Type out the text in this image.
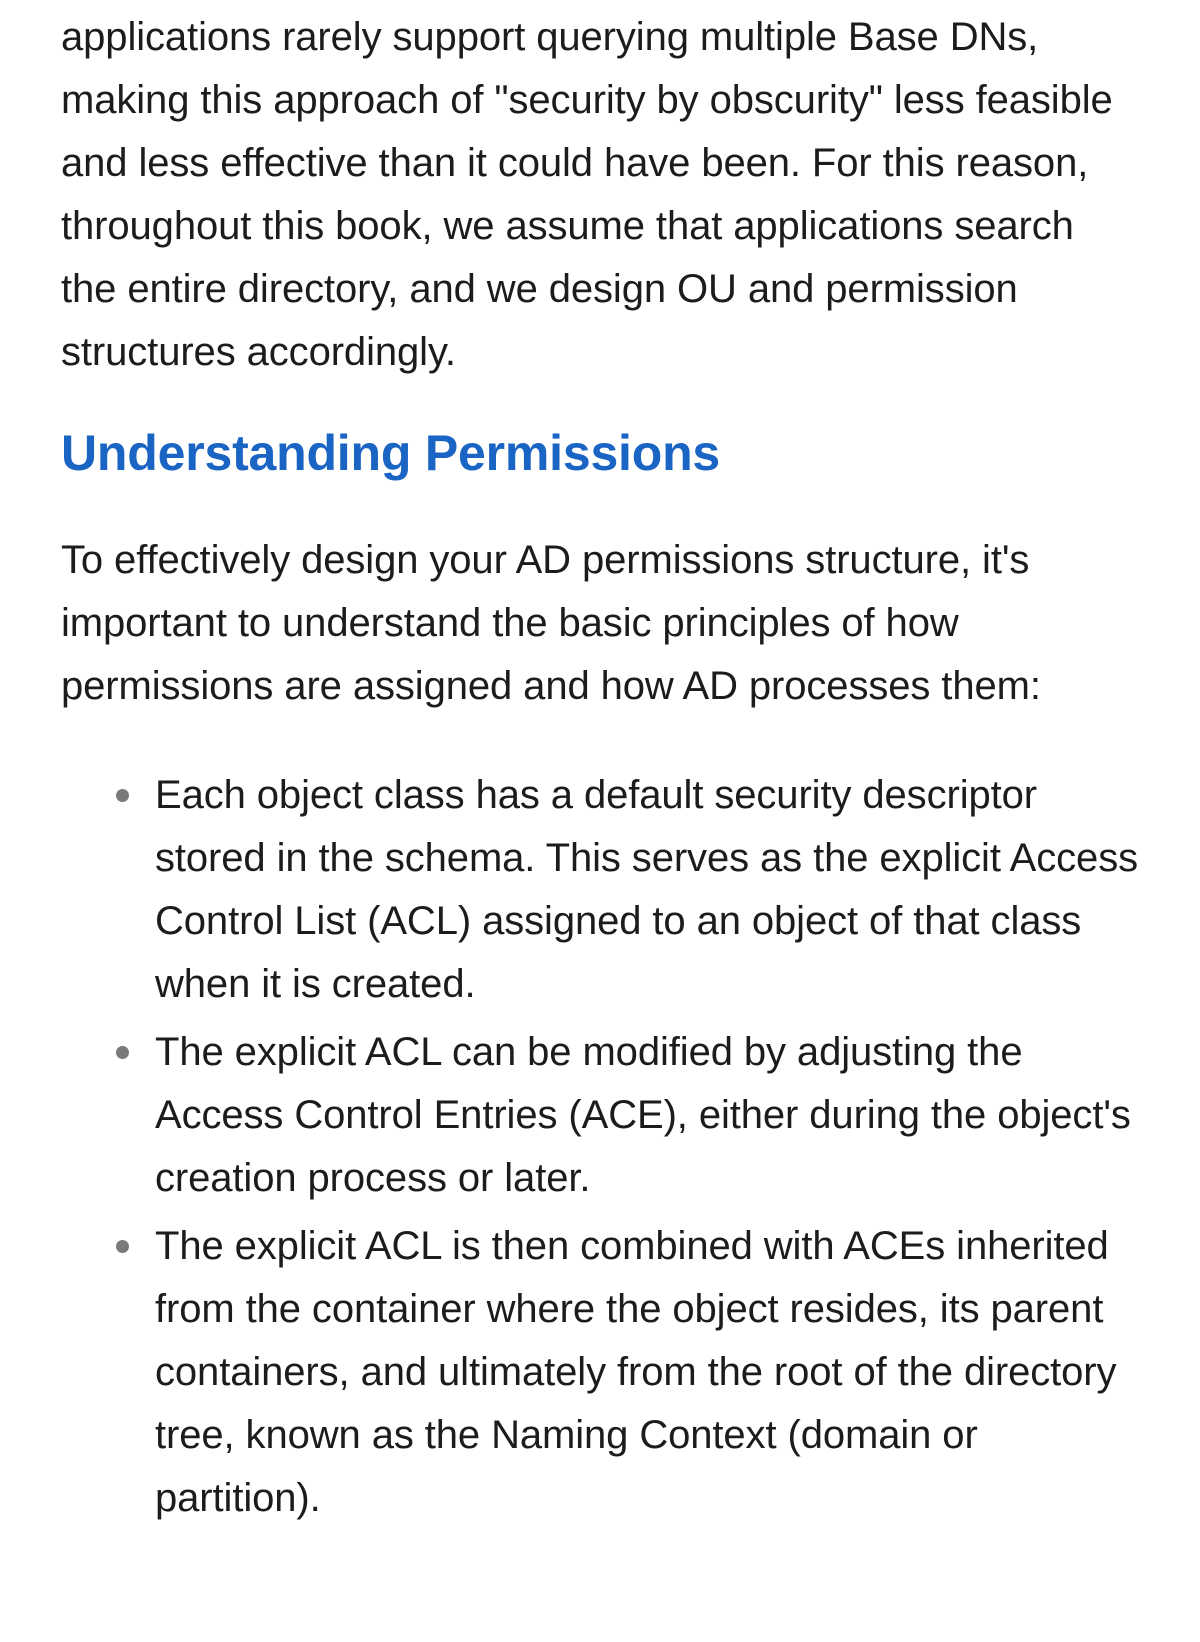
applications rarely support querying multiple Base DNs, making this approach of "security by obscurity" less feasible and less effective than it could have been. For this reason, throughout this book, we assume that applications search the entire directory, and we design OU and permission structures accordingly.

Understanding Permissions

To effectively design your AD permissions structure, it's important to understand the basic principles of how permissions are assigned and how AD processes them:

Each object class has a default security descriptor stored in the schema. This serves as the explicit Access Control List (ACL) assigned to an object of that class when it is created.
The explicit ACL can be modified by adjusting the Access Control Entries (ACE), either during the object's creation process or later.
The explicit ACL is then combined with ACEs inherited from the container where the object resides, its parent containers, and ultimately from the root of the directory tree, known as the Naming Context (domain or partition).
